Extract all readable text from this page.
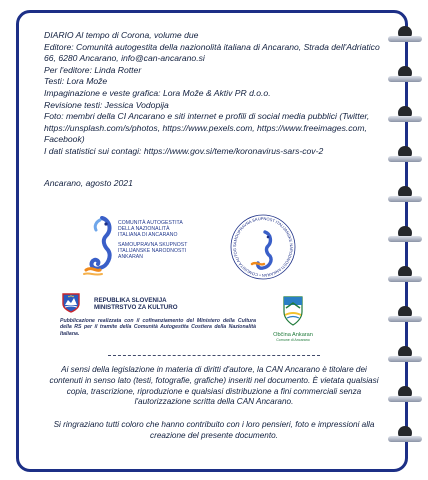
DIARIO Al tempo di Corona, volume due

Editore: Comunità autogestita della nazionolità italiana di Ancarano, Strada dell'Adriatico 66, 6280 Ancarano, info@can-ancarano.si

Per l'editore: Linda Rotter

Testi: Lora Može

Impaginazione e veste grafica: Lora Može & Aktiv PR d.o.o.

Revisione testi: Jessica Vodopija

Foto: membri della CI Ancarano e siti internet e profili di social media pubblici (Twitter, https://unsplash.com/s/photos, https://www.pexels.com, https://www.freeimages.com, Facebook)

I dati statistici sui contagi: https://www.gov.si/teme/koronavirus-sars-cov-2

Ancarano, agosto 2021
COMUNITÀ AUTOGESTITA
DELLA NAZIONALITÀ
ITALIANA DI ANCARANO
SAMOUPRAVNA SKUPNOST
ITALIJANSKE NARODNOSTI
ANKARAN
SAMOUPRAVNA SKUPNOST ITALIJANSKE NARODNOSTI ANKARAN • COMUNITÀ AUTOG
REPUBLIKA SLOVENIJA
MINISTRSTVO ZA KULTURO
Pubblicazione realizzata con il cofinanziamento del Ministero della Cultura della RS per il tramite della Comunità Autogestita Costiera della Nazionalità Italiana.	Občina Ankaran
Comune di Ancarano
Ai sensi della legislazione in materia di diritti d'autore, la CAN Ancarano è titolare dei contenuti in senso lato (testi, fotografie, grafiche) inseriti nel documento. È vietata qualsiasi copia, trascrizione, riproduzione e qualsiasi distribuzione a fini commerciali senza l'autorizzazione scritta della CAN Ancarano.
Si ringraziano tutti coloro che hanno contribuito con i loro pensieri, foto e impressioni alla creazione del presente documento.
